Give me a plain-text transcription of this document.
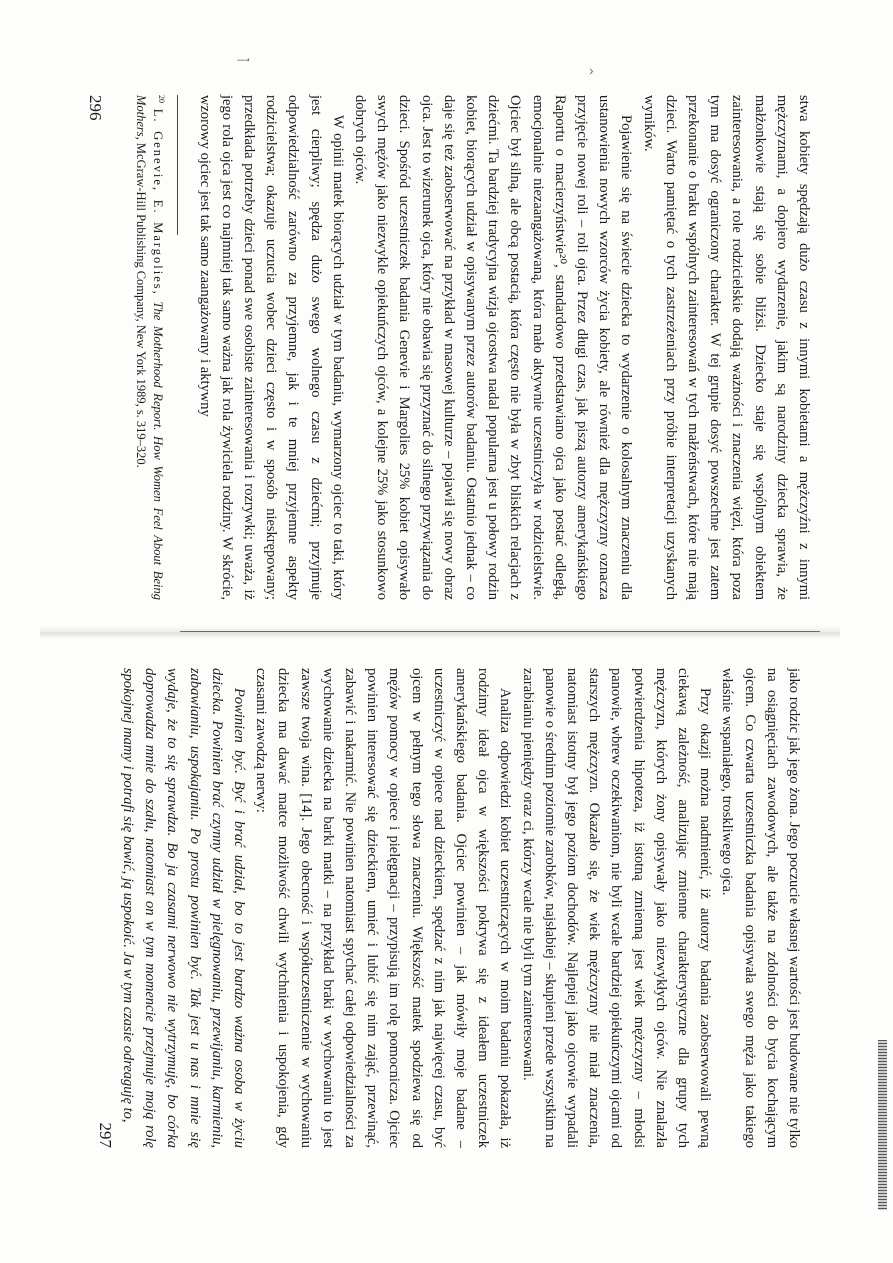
ן
^

stwa kobiety spędzają dużo czasu z innymi kobietami a mężczyźni z innymi mężczyznami, a dopiero wydarzenie, jakim są narodziny dziecka sprawia, że małżonkowie stają się sobie bliżsi. Dziecko staje się wspólnym obiektem zainteresowania, a role rodzicielskie dodają ważności i znaczenia więzi, która poza tym ma dosyć ograniczony charakter. W tej grupie dosyć powszechne jest zatem przekonanie o braku wspólnych zainteresowań w tych małżeństwach, które nie mają dzieci. Warto pamiętać o tych zastrzeżeniach przy próbie interpretacji uzyskanych wyników.

Pojawienie się na świecie dziecka to wydarzenie o kolosalnym znaczeniu dla ustanowienia nowych wzorców życia kobiety, ale również dla mężczyzny oznacza przyjęcie nowej roli – roli ojca. Przez długi czas, jak piszą autorzy amerykańskiego Raportu o macierzyństwie²⁰, standardowo przedstawiano ojca jako postać odległą, emocjonalnie niezaangażowaną, która mało aktywnie uczestniczyła w rodzicielstwie. Ojciec był silną, ale obcą postacią, która często nie była w zbyt bliskich relacjach z dziećmi. Ta bardziej tradycyjna wizja ojcostwa nadal popularna jest u połowy rodzin kobiet, biorących udział w opisywanym przez autorów badaniu. Ostatnio jednak – co daje się też zaobserwować na przykład w masowej kulturze – pojawił się nowy obraz ojca. Jest to wizerunek ojca, który nie obawia się przyznać do silnego przywiązania do dzieci. Spośród uczestniczek badania Genevie i Margolies 25% kobiet opisywało swych mężów jako niezwykle opiekuńczych ojców, a kolejne 25% jako stosunkowo dobrych ojców.

W opinii matek biorących udział w tym badaniu, wymarzony ojciec to taki, który jest cierpliwy; spędza dużo swego wolnego czasu z dziećmi; przyjmuje odpowiedzialność zarówno za przyjemne, jak i te mniej przyjemne aspekty rodzicielstwa; okazuje uczucia wobec dzieci często i w sposób nieskrępowany; przedkłada potrzeby dzieci ponad swe osobiste zainteresowania i rozrywki; uważa, iż jego rola ojca jest co najmniej tak samo ważna jak rola żywiciela rodziny. W skrócie, wzorowy ojciec jest tak samo zaangażowany i aktywny

$^{20}$ L. Genevie, E. Margolies, The Motherhood Report. How Women Feel About Being Mothers, McGraw-Hill Publishing Company, New York 1989, s. 319–320.
296

jako rodzic jak jego żona. Jego poczucie własnej wartości jest budowane nie tylko na osiągnięciach zawodowych, ale także na zdolności do bycia kochającym ojcem. Co czwarta uczestniczka badania opisywała swego męża jako takiego właśnie wspaniałego, troskliwego ojca.

Przy okazji można nadmienić, iż autorzy badania zaobserwowali pewną ciekawą zależność, analizując zmienne charakterystyczne dla grupy tych mężczyzn, których żony opisywały jako niezwykłych ojców. Nie znalazła potwierdzenia hipoteza, iż istotną zmienną jest wiek mężczyzny – młodsi panowie, wbrew oczekiwaniom, nie byli wcale bardziej opiekuńczymi ojcami od starszych mężczyzn. Okazało się, że wiek mężczyzny nie miał znaczenia, natomiast istotny był jego poziom dochodów. Najlepiej jako ojcowie wypadali panowie o średnim poziomie zarobków, najsłabiej – skupieni przede wszystkim na zarabianiu pieniędzy oraz ci, którzy wcale nie byli tym zainteresowani.

Analiza odpowiedzi kobiet uczestniczących w moim badaniu pokazała, iż rodzimy ideał ojca w większości pokrywa się z ideałem uczestniczek amerykańskiego badania. Ojciec powinien – jak mówiły moje badane – uczestniczyć w opiece nad dzieckiem, spędzać z nim jak najwięcej czasu, być ojcem w pełnym tego słowa znaczeniu. Większość matek spodziewa się od mężów pomocy w opiece i pielęgnacji – przypisują im rolę pomocnicza. Ojciec powinien interesować się dzieckiem, umieć i lubić się nim zająć, przewinąć, zabawić i nakarmić. Nie powinien natomiast spychać całej odpowiedzialności za wychowanie dziecka na barki matki – na przykład braki w wychowaniu to jest zawsze twoja wina. [14]. Jego obecność i współuczestniczenie w wychowaniu dziecka ma dawać matce możliwość chwili wytchnienia i uspokojenia, gdy czasami zawodzą nerwy:

Powinien być. Być i brać udział, bo to jest bardzo ważna osoba w życiu dziecka. Powinien brać czynny udział w pielęgnowaniu, przewijaniu, karmieniu, zabawianiu, uspokajaniu. Po prostu powinien być. Tak jest u nas i mnie się wydaje, że to się sprawdza. Bo ja czasami nerwowo nie wytrzymuję, bo córka doprowadza mnie do szału, natomiast on w tym momencie przejmuje moją rolę spokojnej mamy i potrafi się bawić, ją uspokoić. Ja w tym czasie odreaguję to,

297
